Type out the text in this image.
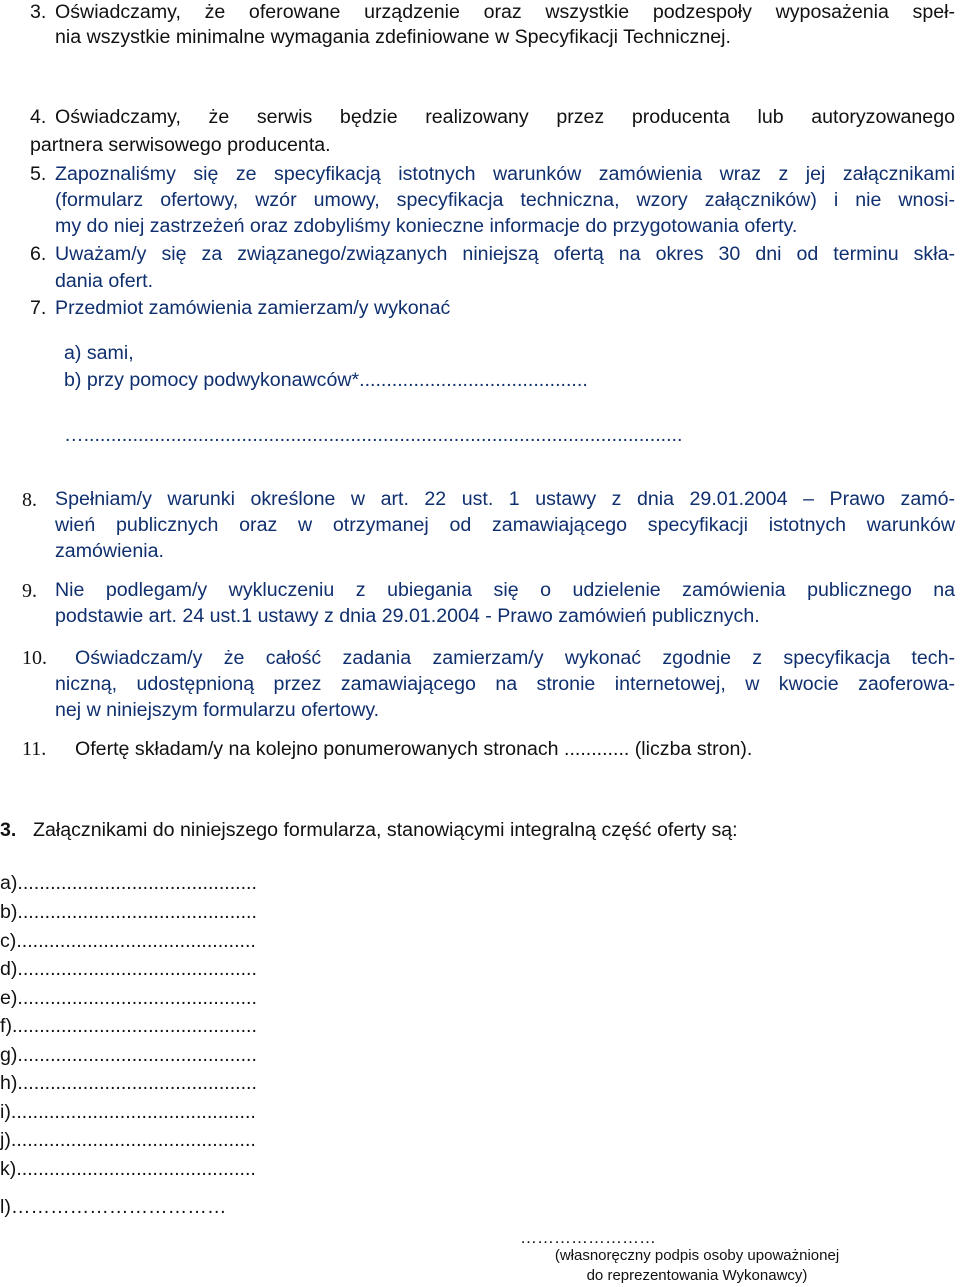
3. Oświadczamy, że oferowane urządzenie oraz wszystkie podzespoły wyposażenia speł-
nia wszystkie minimalne wymagania zdefiniowane w Specyfikacji Technicznej.
4. Oświadczamy, że serwis będzie realizowany przez producenta lub autoryzowanego
partnera serwisowego producenta.
5. Zapoznaliśmy się ze specyfikacją istotnych warunków zamówienia wraz z jej załącznikami
(formularz ofertowy, wzór umowy, specyfikacja techniczna, wzory załączników) i nie wnosi-
my do niej zastrzeżeń oraz zdobyliśmy konieczne informacje do przygotowania oferty.
6. Uważam/y się za związanego/związanych niniejszą ofertą na okres 30 dni od terminu skła-
dania ofert.
7. Przedmiot zamówienia zamierzam/y wykonać
a) sami,
b) przy pomocy podwykonawców*..........................................
…..............................................................................................................
8. Spełniam/y warunki określone w art. 22 ust. 1 ustawy z dnia 29.01.2004 – Prawo zamó-
wień publicznych oraz w otrzymanej od zamawiającego specyfikacji istotnych warunków
zamówienia.
9. Nie podlegam/y wykluczeniu z ubiegania się o udzielenie zamówienia publicznego na
podstawie art. 24 ust.1 ustawy z dnia 29.01.2004 - Prawo zamówień publicznych.
10. Oświadczam/y że całość zadania zamierzam/y wykonać zgodnie z specyfikacja tech-
niczną, udostępnioną przez zamawiającego na stronie internetowej, w kwocie zaoferowa-
nej w niniejszym formularzu ofertowy.
11. Ofertę składam/y na kolejno ponumerowanych stronach ............ (liczba stron).
3. Załącznikami do niniejszego formularza, stanowiącymi integralną część oferty są:
a)............................................
b)............................................
c)............................................
d)............................................
e)............................................
f).............................................
g)............................................
h)............................................
i).............................................
j).............................................
k)............................................
l)……………………………
……………………
(własnoręczny podpis osoby upoważnionej
do reprezentowania Wykonawcy)
